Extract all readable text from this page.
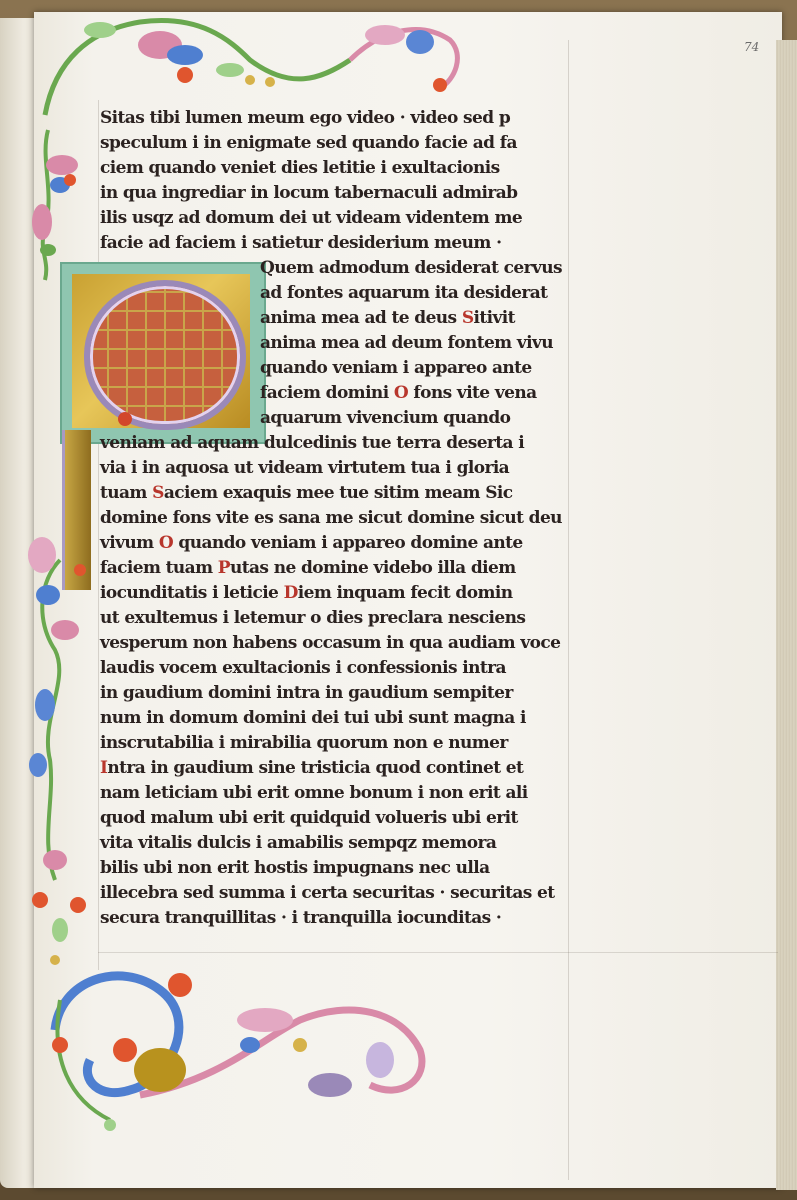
74
Sitas tibi lumen meum ego video · video sed p
speculum i in enigmate sed quando facie ad fa
ciem quando veniet dies letitie i exultacionis
in qua ingrediar in locum tabernaculi admirab
ilis usqz ad domum dei ut videam videntem me
facie ad faciem i satietur desiderium meum ·
Quem admodum desiderat cervus
ad fontes aquarum ita desiderat
anima mea ad te deus Sitivit
anima mea ad deum fontem vivu
quando veniam i appareo ante
faciem domini O fons vite vena
aquarum vivencium quando
veniam ad aquam dulcedinis tue terra deserta i
via i in aquosa ut videam virtutem tua i gloria
tuam Saciem exaquis mee tue sitim meam Sic
domine fons vite es sana me sicut domine sicut deu
vivum O quando veniam i appareo domine ante
faciem tuam Putas ne domine videbo illa diem
iocunditatis i leticie Diem inquam fecit domin
ut exultemus i letemur o dies preclara nesciens
vesperum non habens occasum in qua audiam voce
laudis vocem exultacionis i confessionis intra
in gaudium domini intra in gaudium sempiter
num in domum domini dei tui ubi sunt magna i
inscrutabilia i mirabilia quorum non e numer
Intra in gaudium sine tristicia quod continet et
nam leticiam ubi erit omne bonum i non erit ali
quod malum ubi erit quidquid volueris ubi erit
vita vitalis dulcis i amabilis sempqz memora
bilis ubi non erit hostis impugnans nec ulla
illecebra sed summa i certa securitas · securitas et
secura tranquillitas · i tranquilla iocunditas ·
